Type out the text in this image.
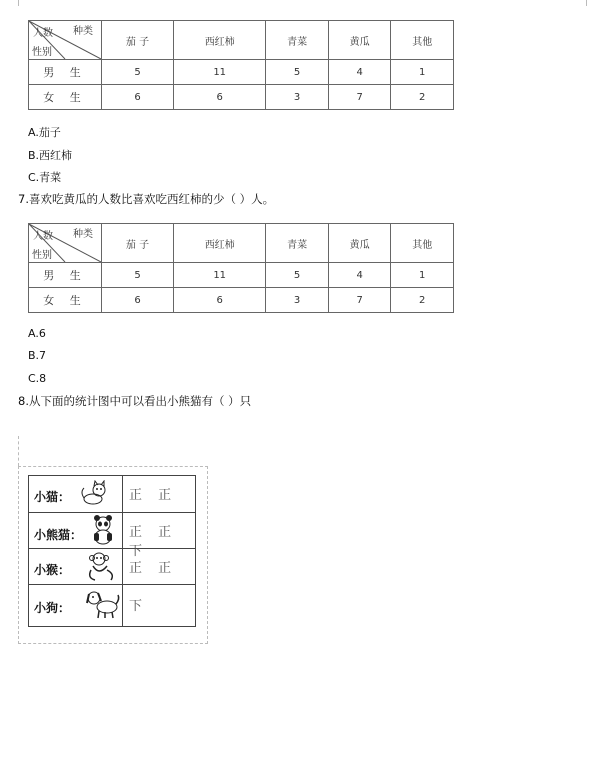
人数 种类
性别	茄 子	西红柿	青菜	黄瓜	其他
男 生	5	11	5	4	1
女 生	6	6	3	7	2
A.茄子
B.西红柿
C.青菜
7.喜欢吃黄瓜的人数比喜欢吃西红柿的少（ ）人。
人数 种类
性别	茄 子	西红柿	青菜	黄瓜	其他
男 生	5	11	5	4	1
女 生	6	6	3	7	2
A.6
B.7
C.8
8.从下面的统计图中可以看出小熊猫有（ ）只
小猫：	正 正
小熊猫：	正 正 下
小猴：	正 正
小狗：	下
